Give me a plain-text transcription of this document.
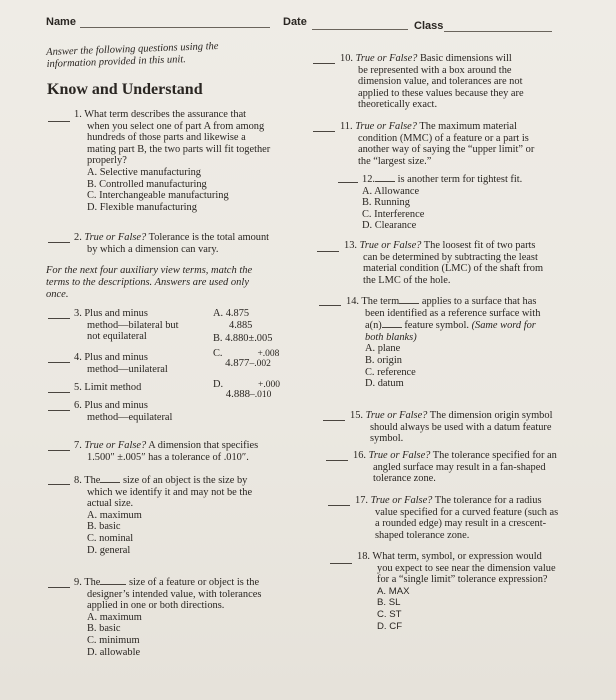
Name	Date	Class
Answer the following questions using the
information provided in this unit.
Know and Understand
1. What term describes the assurance that
when you select one of part A from among
hundreds of those parts and likewise a
mating part B, the two parts will fit together
properly?
A. Selective manufacturing
B. Controlled manufacturing
C. Interchangeable manufacturing
D. Flexible manufacturing
2. True or False? Tolerance is the total amount
by which a dimension can vary.
For the next four auxiliary view terms, match the
terms to the descriptions. Answers are used only
once.
3. Plus and minus
method—bilateral but
not equilateral
4. Plus and minus
method—unilateral
5. Limit method
6. Plus and minus
method—equilateral
A. 4.875
4.885
B. 4.880±.005
C. 4.877
+.008
–.002
D. 4.888
+.000
–.010
7. True or False? A dimension that specifies
1.500″ ±.005″ has a tolerance of .010″.
8. The size of an object is the size by
which we identify it and may not be the
actual size.
A. maximum
B. basic
C. nominal
D. general
9. The	size of a feature or object is the
designer’s intended value, with tolerances
applied in one or both directions.
A. maximum
B. basic
C. minimum
D. allowable
10. True or False? Basic dimensions will
be represented with a box around the
dimension value, and tolerances are not
applied to these values because they are
theoretically exact.
11. True or False? The maximum material
condition (MMC) of a feature or a part is
another way of saying the “upper limit” or
the “largest size.”
12. is another term for tightest fit.
A. Allowance
B. Running
C. Interference
D. Clearance
13. True or False? The loosest fit of two parts
can be determined by subtracting the least
material condition (LMC) of the shaft from
the LMC of the hole.
14. The term applies to a surface that has
been identified as a reference surface with
a(n) feature symbol. (Same word for
both blanks)
A. plane
B. origin
C. reference
D. datum
15. True or False? The dimension origin symbol
should always be used with a datum feature
symbol.
16. True or False? The tolerance specified for an
angled surface may result in a fan-shaped
tolerance zone.
17. True or False? The tolerance for a radius
value specified for a curved feature (such as
a rounded edge) may result in a crescent-
shaped tolerance zone.
18. What term, symbol, or expression would
you expect to see near the dimension value
for a “single limit” tolerance expression?
A. MAX
B. SL
C. ST
D. CF
